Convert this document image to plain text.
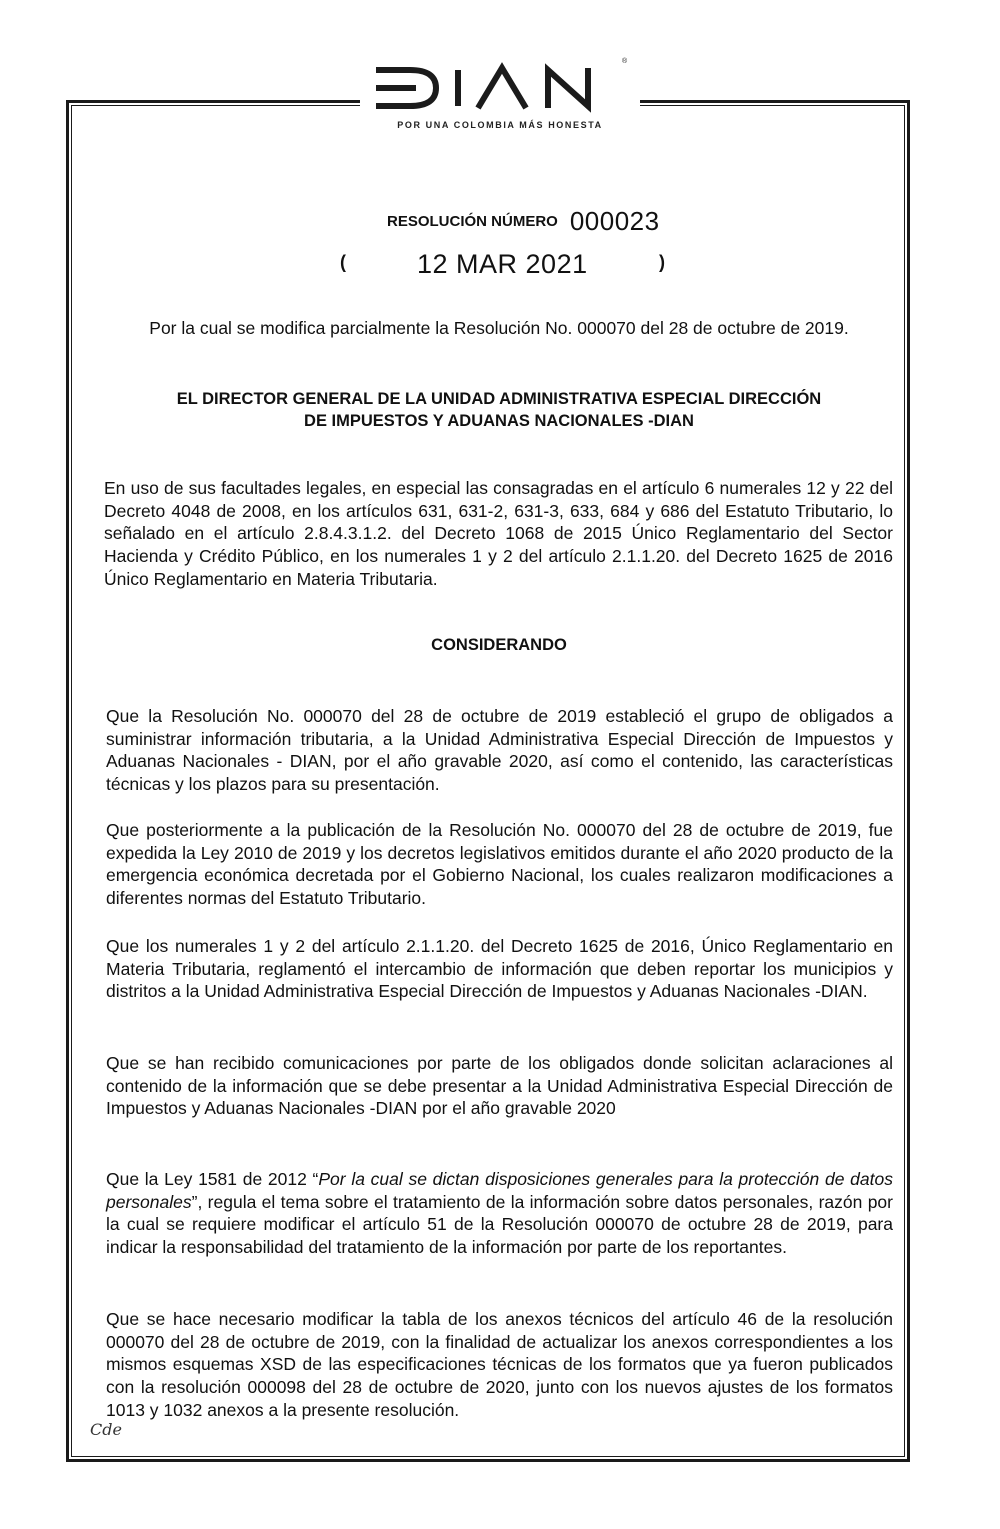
®
POR UNA COLOMBIA MÁS HONESTA
RESOLUCIÓN NÚMERO 000023
(	12 MAR 2021	)
Por la cual se modifica parcialmente la Resolución No. 000070 del 28 de octubre de 2019.
EL DIRECTOR GENERAL DE LA UNIDAD ADMINISTRATIVA ESPECIAL DIRECCIÓN
DE IMPUESTOS Y ADUANAS NACIONALES -DIAN
En uso de sus facultades legales, en especial las consagradas en el artículo 6 numerales 12 y 22 del Decreto 4048 de 2008, en los artículos 631, 631-2, 631-3, 633, 684 y 686 del Estatuto Tributario, lo señalado en el artículo 2.8.4.3.1.2. del Decreto 1068 de 2015 Único Reglamentario del Sector Hacienda y Crédito Público, en los numerales 1 y 2 del artículo 2.1.1.20. del Decreto 1625 de 2016 Único Reglamentario en Materia Tributaria.
CONSIDERANDO
Que la Resolución No. 000070 del 28 de octubre de 2019 estableció el grupo de obligados a suministrar información tributaria, a la Unidad Administrativa Especial Dirección de Impuestos y Aduanas Nacionales - DIAN, por el año gravable 2020, así como el contenido, las características técnicas y los plazos para su presentación.
Que posteriormente a la publicación de la Resolución No. 000070 del 28 de octubre de 2019, fue expedida la Ley 2010 de 2019 y los decretos legislativos emitidos durante el año 2020 producto de la emergencia económica decretada por el Gobierno Nacional, los cuales realizaron modificaciones a diferentes normas del Estatuto Tributario.
Que los numerales 1 y 2 del artículo 2.1.1.20. del Decreto 1625 de 2016, Único Reglamentario en Materia Tributaria, reglamentó el intercambio de información que deben reportar los municipios y distritos a la Unidad Administrativa Especial Dirección de Impuestos y Aduanas Nacionales -DIAN.
Que se han recibido comunicaciones por parte de los obligados donde solicitan aclaraciones al contenido de la información que se debe presentar a la Unidad Administrativa Especial Dirección de Impuestos y Aduanas Nacionales -DIAN por el año gravable 2020
Que la Ley 1581 de 2012 “Por la cual se dictan disposiciones generales para la protección de datos personales”, regula el tema sobre el tratamiento de la información sobre datos personales, razón por la cual se requiere modificar el artículo 51 de la Resolución 000070 de octubre 28 de 2019, para indicar la responsabilidad del tratamiento de la información por parte de los reportantes.
Que se hace necesario modificar la tabla de los anexos técnicos del artículo 46 de la resolución 000070 del 28 de octubre de 2019, con la finalidad de actualizar los anexos correspondientes a los mismos esquemas XSD de las especificaciones técnicas de los formatos que ya fueron publicados con la resolución 000098 del 28 de octubre de 2020, junto con los nuevos ajustes de los formatos 1013 y 1032 anexos a la presente resolución.
Cde
